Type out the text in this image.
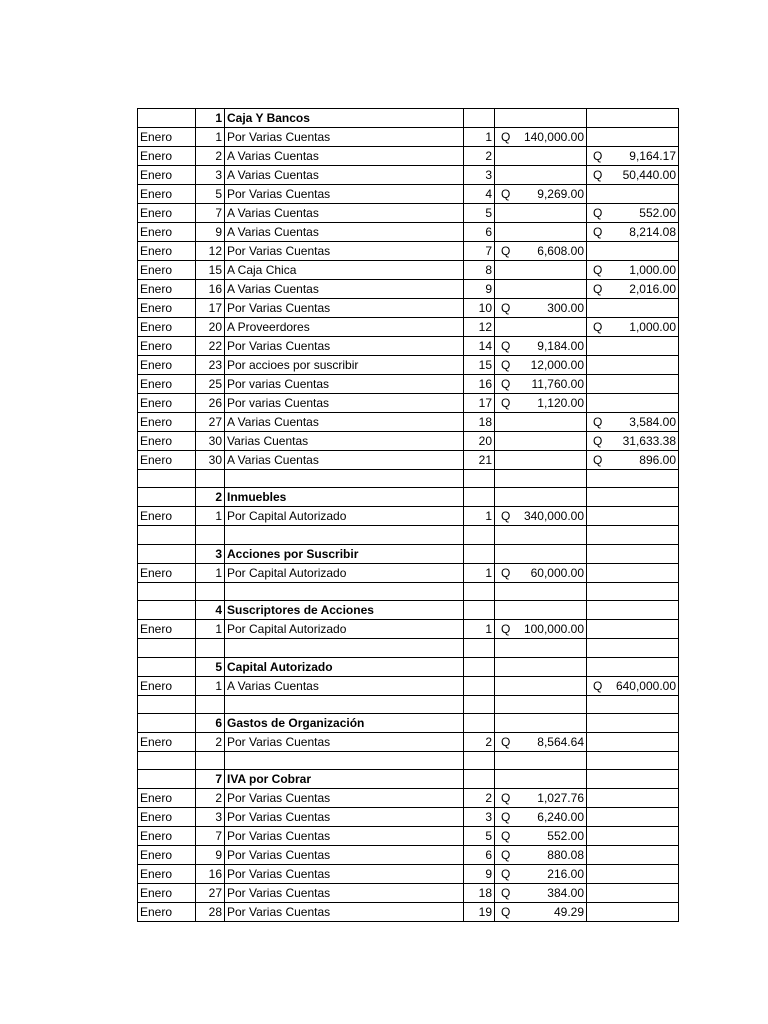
	1	Caja Y Bancos			
Enero	1	Por Varias Cuentas	1	Q 140,000.00	

Enero	2	A Varias Cuentas	2		Q 9,164.17

Enero	3	A Varias Cuentas	3		Q 50,440.00

Enero	5	Por Varias Cuentas	4	Q 9,269.00	

Enero	7	A Varias Cuentas	5		Q 552.00

Enero	9	A Varias Cuentas	6		Q 8,214.08

Enero	12	Por Varias Cuentas	7	Q 6,608.00	

Enero	15	A Caja Chica	8		Q 1,000.00

Enero	16	A Varias Cuentas	9		Q 2,016.00

Enero	17	Por Varias Cuentas	10	Q 300.00	

Enero	20	A Proveerdores	12		Q 1,000.00

Enero	22	Por Varias Cuentas	14	Q 9,184.00	

Enero	23	Por accioes por suscribir	15	Q 12,000.00	

Enero	25	Por varias Cuentas	16	Q 11,760.00	

Enero	26	Por varias Cuentas	17	Q 1,120.00	

Enero	27	A Varias Cuentas	18		Q 3,584.00

Enero	30	Varias Cuentas	20		Q 31,633.38

Enero	30	A Varias Cuentas	21		Q 896.00

	2	Inmuebles			
Enero	1	Por Capital Autorizado	1	Q 340,000.00	

	3	Acciones por Suscribir			
Enero	1	Por Capital Autorizado	1	Q 60,000.00	

	4	Suscriptores de Acciones			
Enero	1	Por Capital Autorizado	1	Q 100,000.00	

	5	Capital Autorizado			
Enero	1	A Varias Cuentas			Q 640,000.00

	6	Gastos de Organización			
Enero	2	Por Varias Cuentas	2	Q 8,564.64	

	7	IVA por Cobrar			
Enero	2	Por Varias Cuentas	2	Q 1,027.76	

Enero	3	Por Varias Cuentas	3	Q 6,240.00	

Enero	7	Por Varias Cuentas	5	Q 552.00	

Enero	9	Por Varias Cuentas	6	Q 880.08	

Enero	16	Por Varias Cuentas	9	Q 216.00	

Enero	27	Por Varias Cuentas	18	Q 384.00	

Enero	28	Por Varias Cuentas	19	Q 49.29	
